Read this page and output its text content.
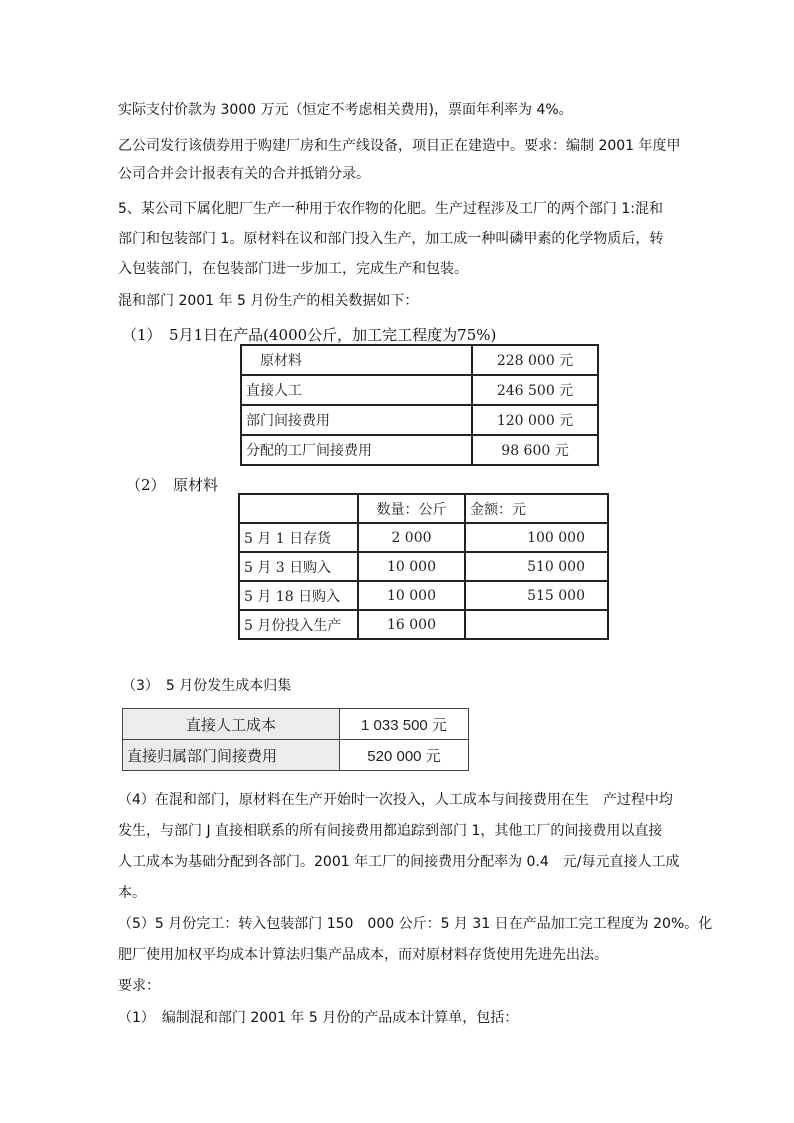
实际支付价款为 3000 万元（恒定不考虑相关费用)，票面年利率为 4%。
乙公司发行该债券用于购建厂房和生产线设备，项目正在建造中。要求：编制 2001 年度甲
公司合并会计报表有关的合并抵销分录。
5、某公司下属化肥厂生产一种用于农作物的化肥。生产过程涉及工厂的两个部门 1:混和
部门和包装部门 1。原材料在议和部门投入生产，加工成一种叫磷甲素的化学物质后，转
入包装部门，在包装部门进一步加工，完成生产和包装。
混和部门 2001 年 5 月份生产的相关数据如下：
（1）　5月1日在产品(4000公斤，加工完工程度为75%)
原材料	228 000 元
直接人工	246 500 元
部门间接费用	120 000 元
分配的工厂间接费用	98 600 元
（2）　原材料
	数量：公斤	金额：元
5 月 1 日存货	2 000	100 000
5 月 3 日购入	10 000	510 000
5 月 18 日购入	10 000	515 000
5 月份投入生产	16 000	
（3）　5 月份发生成本归集
直接人工成本	1 033 500 元
直接归属部门间接费用	520 000 元
（4）在混和部门，原材料在生产开始时一次投入，人工成本与间接费用在生　产过程中均
发生，与部门 J 直接相联系的所有间接费用都追踪到部门 1，其他工厂的间接费用以直接
人工成本为基础分配到各部门。2001 年工厂的间接费用分配率为 0.4　元/每元直接人工成
本。
（5）5 月份完工：转入包装部门 150　000 公斤：5 月 31 日在产品加工完工程度为 20%。化
肥厂使用加权平均成本计算法归集产品成本，而对原材料存货使用先进先出法。
要求：
（1）　编制混和部门 2001 年 5 月份的产品成本计算单，包括：
